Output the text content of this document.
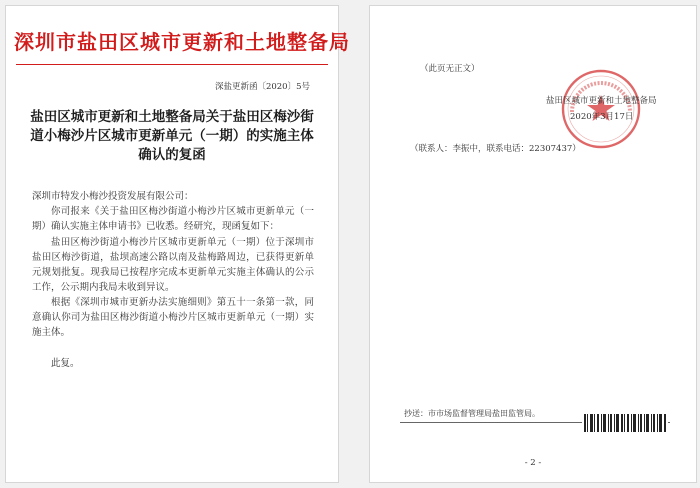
深圳市盐田区城市更新和土地整备局
深盐更新函〔2020〕5号
盐田区城市更新和土地整备局关于盐田区梅沙街道小梅沙片区城市更新单元（一期）的实施主体确认的复函
深圳市特发小梅沙投资发展有限公司：
你司报来《关于盐田区梅沙街道小梅沙片区城市更新单元（一期）确认实施主体申请书》已收悉。经研究，现函复如下：
盐田区梅沙街道小梅沙片区城市更新单元（一期）位于深圳市盐田区梅沙街道，盐坝高速公路以南及盐梅路周边，已获得更新单元规划批复。现我局已按程序完成本更新单元实施主体确认的公示工作，公示期内我局未收到异议。
根据《深圳市城市更新办法实施细则》第五十一条第一款，同意确认你司为盐田区梅沙街道小梅沙片区城市更新单元（一期）实施主体。
此复。
（此页无正文）
盐田区城市更新和土地整备局
2020年3月17日
（联系人：李振中，联系电话：22307437）
抄送：市市场监督管理局盐田监管局。
- 2 -
